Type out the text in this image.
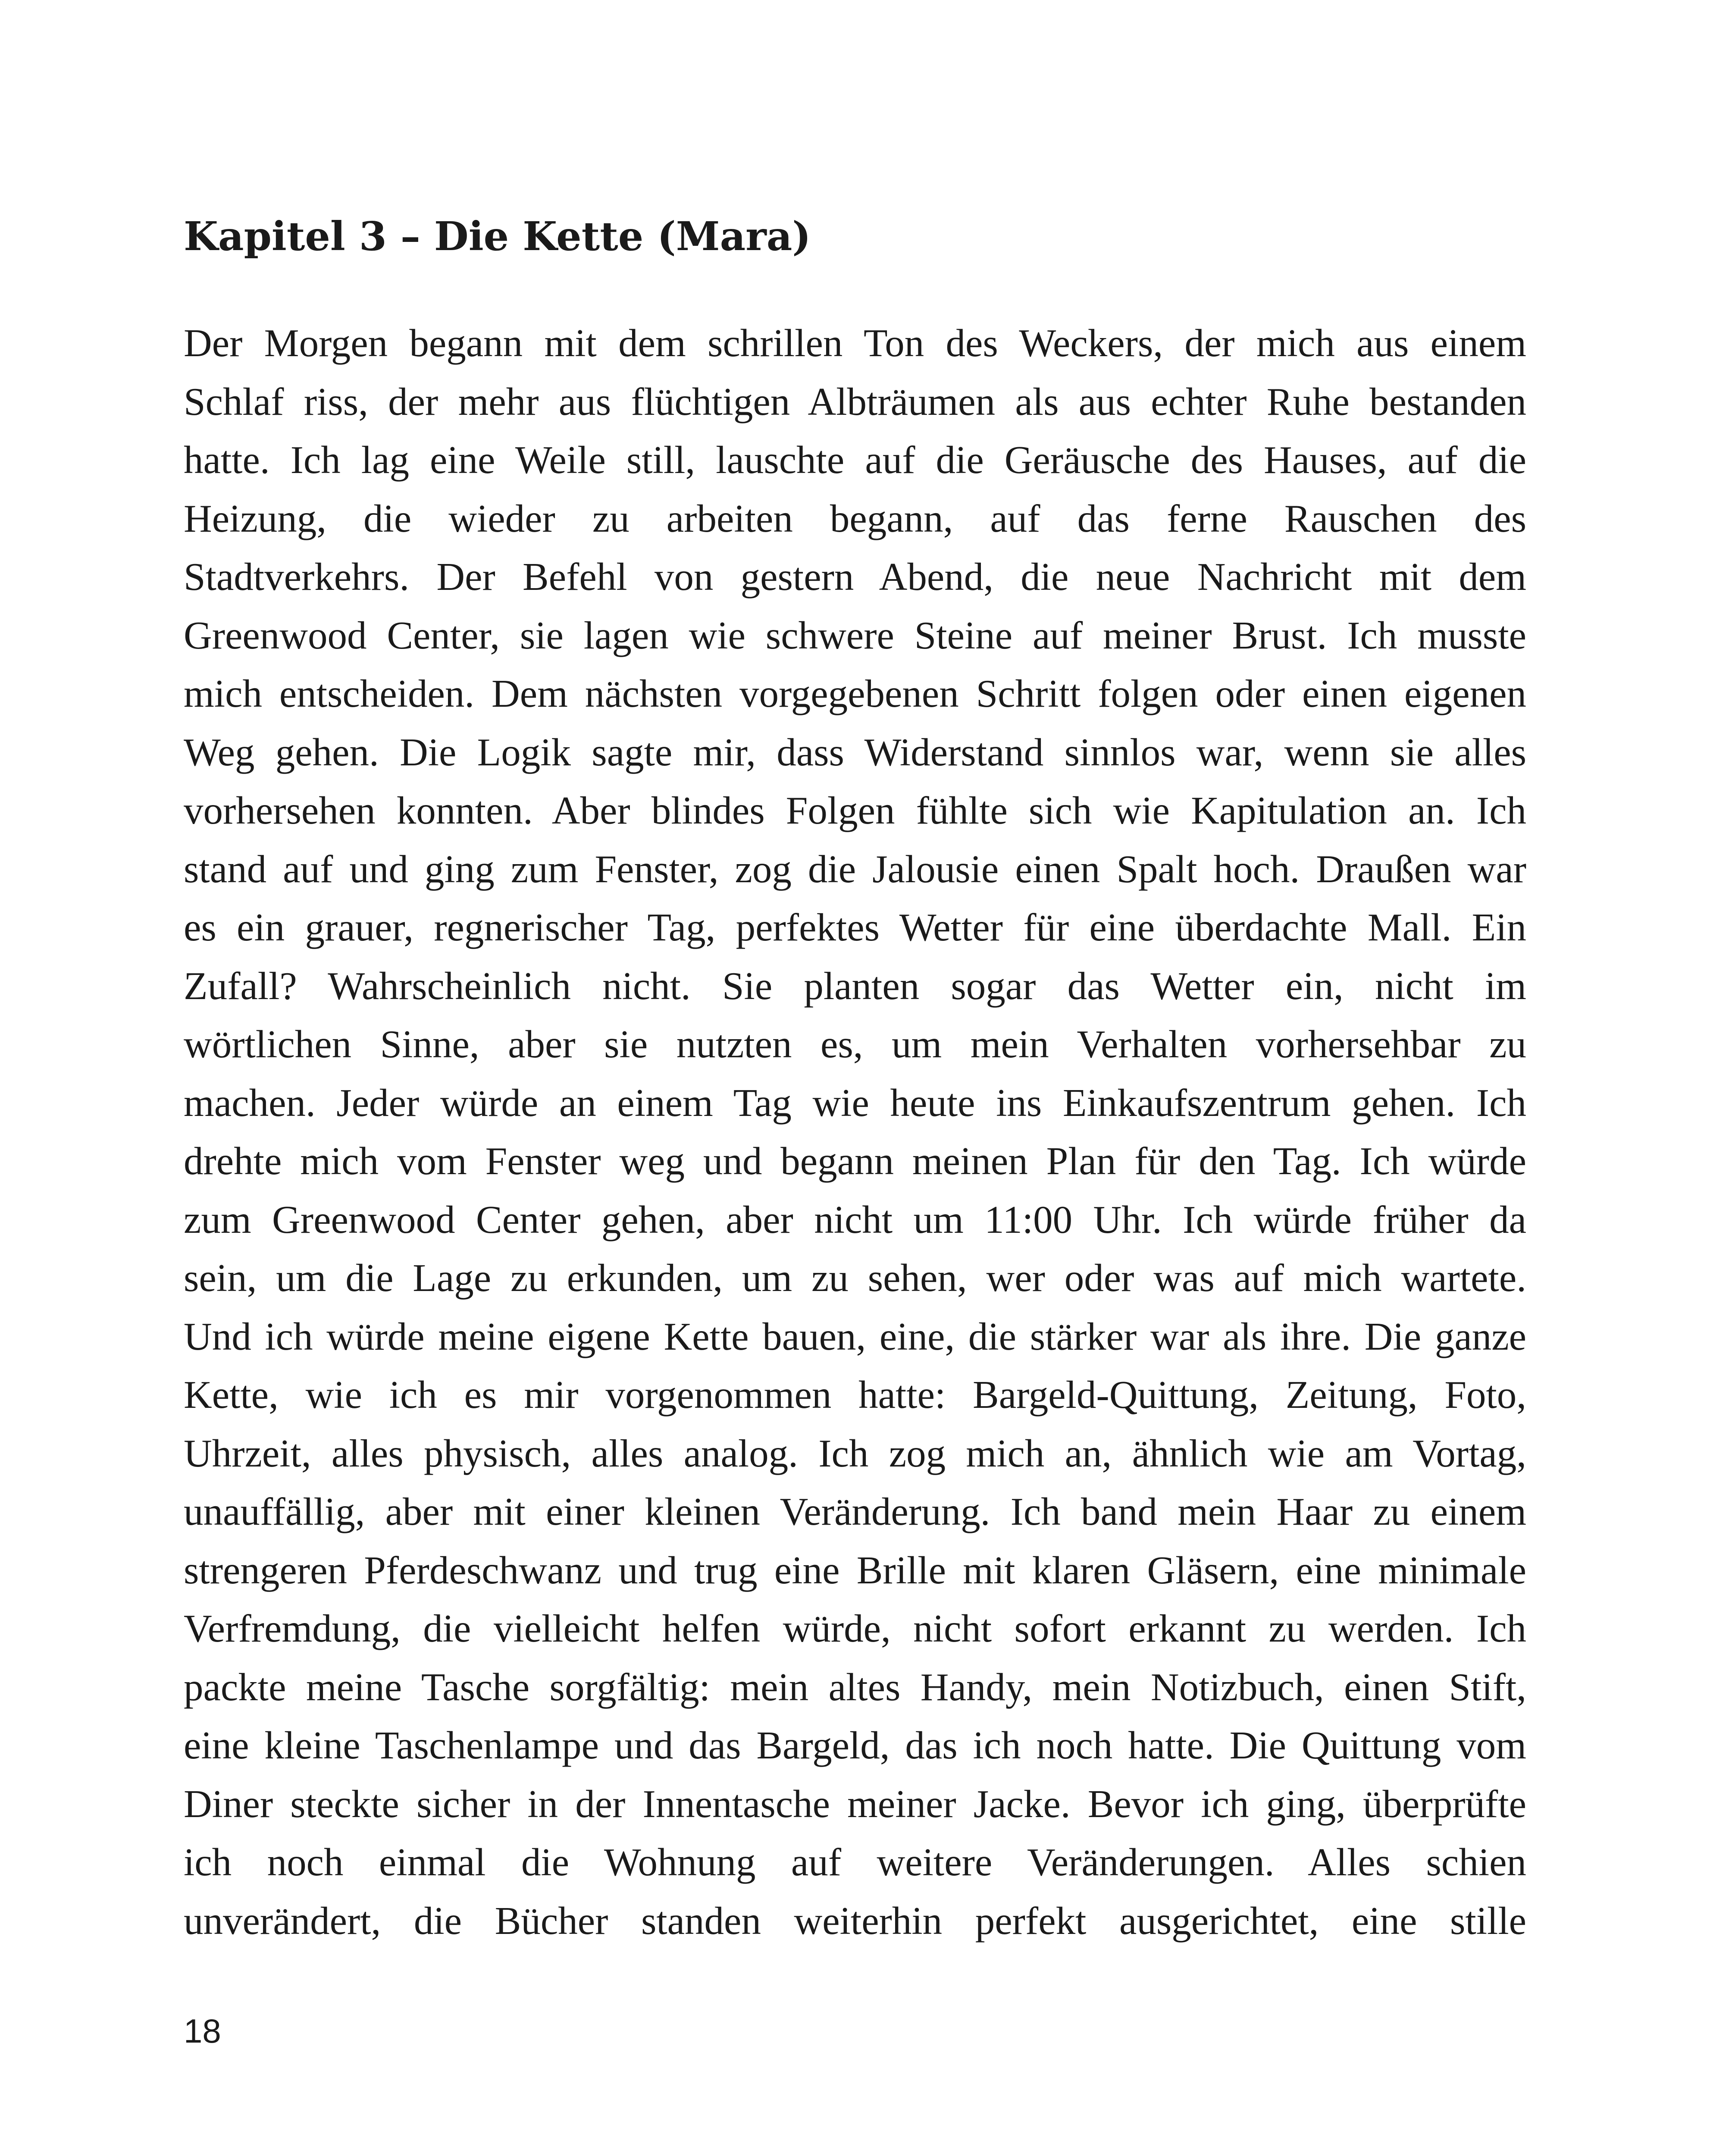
Kapitel 3 – Die Kette (Mara)
Der Morgen begann mit dem schrillen Ton des Weckers, der mich aus einem
Schlaf riss, der mehr aus flüchtigen Albträumen als aus echter Ruhe bestanden
hatte. Ich lag eine Weile still, lauschte auf die Geräusche des Hauses, auf die
Heizung, die wieder zu arbeiten begann, auf das ferne Rauschen des
Stadtverkehrs. Der Befehl von gestern Abend, die neue Nachricht mit dem
Greenwood Center, sie lagen wie schwere Steine auf meiner Brust. Ich musste
mich entscheiden. Dem nächsten vorgegebenen Schritt folgen oder einen eigenen
Weg gehen. Die Logik sagte mir, dass Widerstand sinnlos war, wenn sie alles
vorhersehen konnten. Aber blindes Folgen fühlte sich wie Kapitulation an. Ich
stand auf und ging zum Fenster, zog die Jalousie einen Spalt hoch. Draußen war
es ein grauer, regnerischer Tag, perfektes Wetter für eine überdachte Mall. Ein
Zufall? Wahrscheinlich nicht. Sie planten sogar das Wetter ein, nicht im
wörtlichen Sinne, aber sie nutzten es, um mein Verhalten vorhersehbar zu
machen. Jeder würde an einem Tag wie heute ins Einkaufszentrum gehen. Ich
drehte mich vom Fenster weg und begann meinen Plan für den Tag. Ich würde
zum Greenwood Center gehen, aber nicht um 11:00 Uhr. Ich würde früher da
sein, um die Lage zu erkunden, um zu sehen, wer oder was auf mich wartete.
Und ich würde meine eigene Kette bauen, eine, die stärker war als ihre. Die ganze
Kette, wie ich es mir vorgenommen hatte: Bargeld-Quittung, Zeitung, Foto,
Uhrzeit, alles physisch, alles analog. Ich zog mich an, ähnlich wie am Vortag,
unauffällig, aber mit einer kleinen Veränderung. Ich band mein Haar zu einem
strengeren Pferdeschwanz und trug eine Brille mit klaren Gläsern, eine minimale
Verfremdung, die vielleicht helfen würde, nicht sofort erkannt zu werden. Ich
packte meine Tasche sorgfältig: mein altes Handy, mein Notizbuch, einen Stift,
eine kleine Taschenlampe und das Bargeld, das ich noch hatte. Die Quittung vom
Diner steckte sicher in der Innentasche meiner Jacke. Bevor ich ging, überprüfte
ich noch einmal die Wohnung auf weitere Veränderungen. Alles schien
unverändert, die Bücher standen weiterhin perfekt ausgerichtet, eine stille
18
